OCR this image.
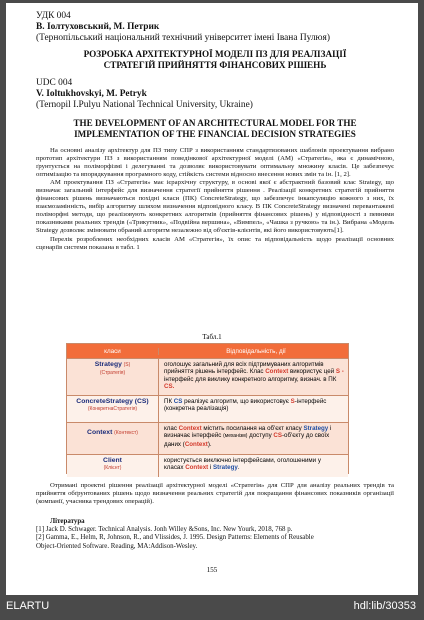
УДК 004
В. Іолтуховський, М. Петрик
(Тернопільський національний технічний університет імені Івана Пулюя)
РОЗРОБКА АРХІТЕКТУРНОЇ МОДЕЛІ ПЗ ДЛЯ РЕАЛІЗАЦІЇ
СТРАТЕГІЙ ПРИЙНЯТТЯ ФІНАНСОВИХ РІШЕНЬ
UDC 004
V. Ioltukhovskyi, M. Petryk
(Ternopil I.Pulyu National Technical University, Ukraine)
THE DEVELOPMENT OF AN ARCHITECTURAL MODEL FOR THE
IMPLEMENTATION OF THE FINANCIAL DECISION STRATEGIES

На основні аналізу архітектур для ПЗ типу СПР з використанням стандартизованих шаблонів проектування вибрано прототип архітектури ПЗ з використанням поведінкової архітектурної моделі (АМ) «Стратегія», яка є динамічною, ґрунтується на поліморфізмі і делегуванні та дозволяє використовувати оптимальну множину класів. Це забезпечує оптимізацію та впорядкування програмного коду, стійкість системи відносно внесення нових змін та ін. [1, 2].

АМ проектування ПЗ «Стратегія» має ієрархічну структуру, в основі якої є абстрактний базовий клас Strategy, що визначає загальний інтерфейс для визначення стратегії прийняття рішення . Реалізації конкретних стратегій прийняття фінансових рішень визначаються похідні класи (ПК) ConcreteStrategy, що забезпечує інкапсуляцію кожного з них, їх взаємозамінність, вибір алгоритму шляхом визначення відповідного класу. В ПК ConcreteStrategy визначені перевантажені поліморфні методи, що реалізовують конкретних алгоритмів (прийняття фінансових рішень) у відповідності з певними показниками реальних трендів («Трикутник», «Подвійна вершина», «Вимпел», «Чашка з ручкою» та ін.). Вибрана «Модель Strategy дозволяє змінювати обраний алгоритм незалежно від об'єктів-клієнтів, які його використовують[1].

Перелік розроблених необхідних класів АМ «Стратегія», їх опис та відповідальність щодо реалізації основних сценаріїв системи показана в табл. 1

Табл.1
класи	Відповідальність, дії
Strategy (S)
(Стратегія)
оголошує загальний для всіх підтримуваних алгоритмів
прийняття рішень інтерфейс. Клас Context використує цей S -
інтерфейс для виклику конкретного алгоритму, визнач. в ПК CS.
ConcreteStrategy (CS)
(КонкретнаСтратегія)
ПК CS реалізує алгоритм, що використовує S-інтерфейс
(конкретна реалізація)
Context (Контекст)
клас Context містить посилання на об'єкт класу Strategy і
визначає інтерфейс (механізм) доступу CS-об'єкту до своїх
даних (Context).
Client
(Клієнт)
користується виключно інтерфейсами, оголошеними у
класах Context і Strategy.

Отримані проектні рішення реалізації архітектурної моделі «Стратегія» для СПР для аналізу реальних трендів та прийняття обґрунтованих рішень щодо визначення реальних стратегій для покращання фінансових показників організації (компанії, учасника трендових операцій).

Література
[1] Jack D. Schwager. Technical Analysis. Jonh Willey &Sons, Inc. New Yourk, 2018, 768 p.
[2] Gamma, E., Helm, R, Johnson, R., and Vlissides, J. 1995. Design Patterns: Elements of Reusable
Object-Oriented Software. Reading, MA:Addison-Wesley.
155
ELARTU	hdl:lib/30353
